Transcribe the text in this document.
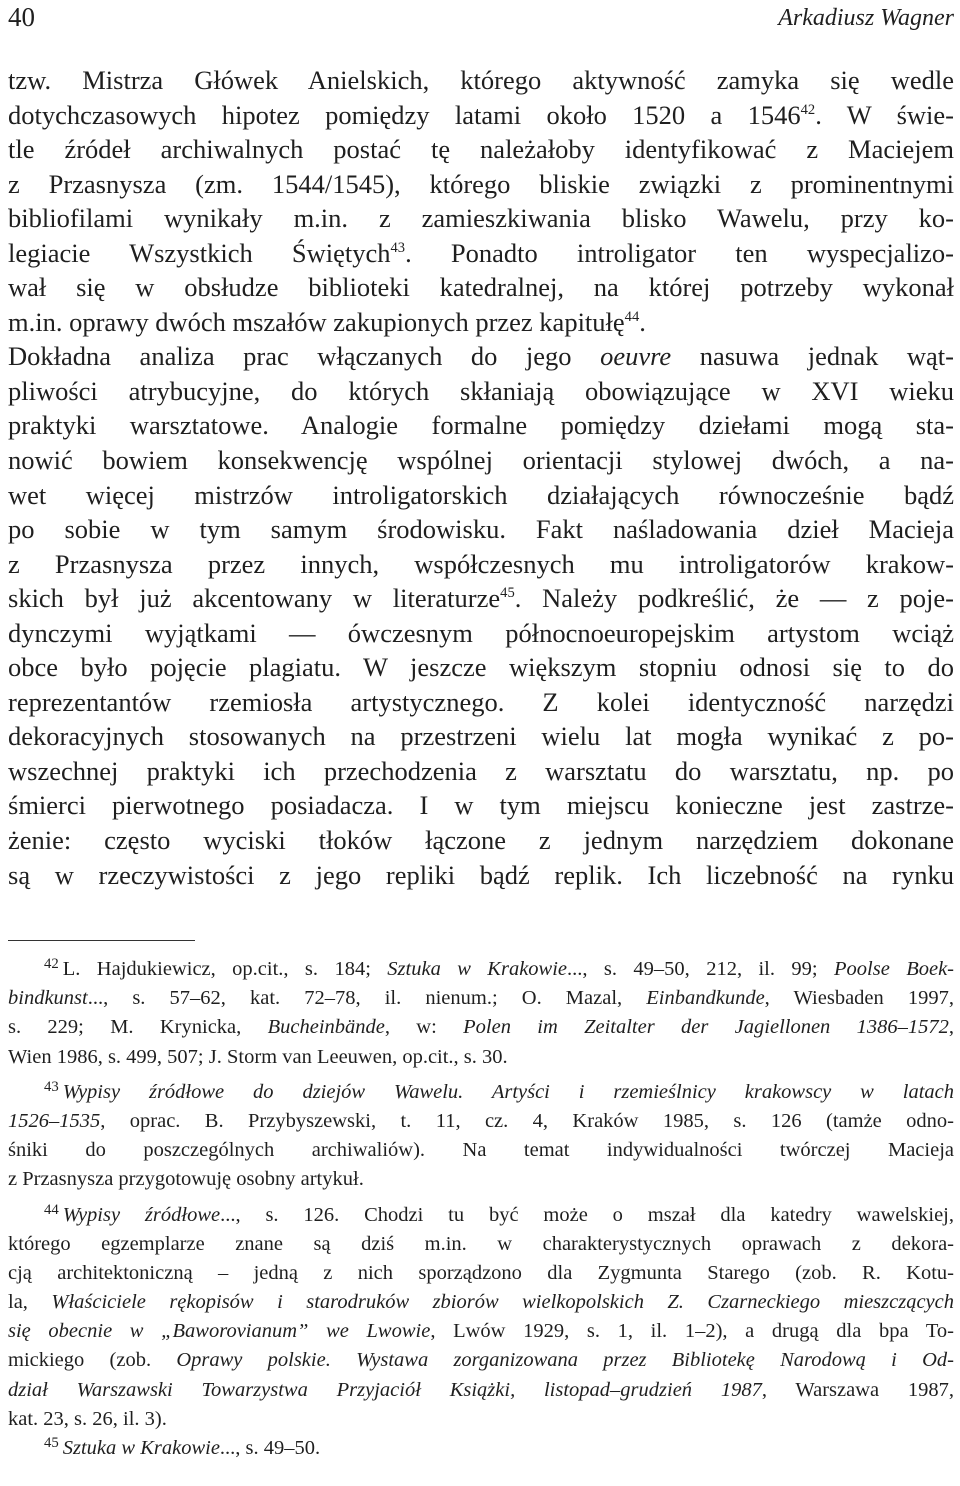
40	Arkadiusz Wagner
tzw. Mistrza Główek Anielskich, którego aktywność zamyka się wedle
dotychczasowych hipotez pomiędzy latami około 1520 a 1546$^{42}$. W świe-
tle źródeł archiwalnych postać tę należałoby identyfikować z Maciejem
z Przasnysza (zm. 1544/1545), którego bliskie związki z prominentnymi
bibliofilami wynikały m.in. z zamieszkiwania blisko Wawelu, przy ko-
legiacie Wszystkich Świętych$^{43}$. Ponadto introligator ten wyspecjalizo-
wał się w obsłudze biblioteki katedralnej, na której potrzeby wykonał
m.in. oprawy dwóch mszałów zakupionych przez kapitułę$^{44}$.
Dokładna analiza prac włączanych do jego oeuvre nasuwa jednak wąt-
pliwości atrybucyjne, do których skłaniają obowiązujące w XVI wieku
praktyki warsztatowe. Analogie formalne pomiędzy dziełami mogą sta-
nowić bowiem konsekwencję wspólnej orientacji stylowej dwóch, a na-
wet więcej mistrzów introligatorskich działających równocześnie bądź
po sobie w tym samym środowisku. Fakt naśladowania dzieł Macieja
z Przasnysza przez innych, współczesnych mu introligatorów krakow-
skich był już akcentowany w literaturze$^{45}$. Należy podkreślić, że — z poje-
dynczymi wyjątkami — ówczesnym północnoeuropejskim artystom wciąż
obce było pojęcie plagiatu. W jeszcze większym stopniu odnosi się to do
reprezentantów rzemiosła artystycznego. Z kolei identyczność narzędzi
dekoracyjnych stosowanych na przestrzeni wielu lat mogła wynikać z po-
wszechnej praktyki ich przechodzenia z warsztatu do warsztatu, np. po
śmierci pierwotnego posiadacza. I w tym miejscu konieczne jest zastrze-
żenie: często wyciski tłoków łączone z jednym narzędziem dokonane
są w rzeczywistości z jego repliki bądź replik. Ich liczebność na rynku
$^{42}$ L. Hajdukiewicz, op.cit., s. 184; Sztuka w Krakowie..., s. 49–50, 212, il. 99; Poolse Boek-
bindkunst..., s. 57–62, kat. 72–78, il. nienum.; O. Mazal, Einbandkunde, Wiesbaden 1997,
s. 229; M. Krynicka, Bucheinbände, w: Polen im Zeitalter der Jagiellonen 1386–1572,
Wien 1986, s. 499, 507; J. Storm van Leeuwen, op.cit., s. 30.
$^{43}$ Wypisy źródłowe do dziejów Wawelu. Artyści i rzemieślnicy krakowscy w latach
1526–1535, oprac. B. Przybyszewski, t. 11, cz. 4, Kraków 1985, s. 126 (tamże odno-
śniki do poszczególnych archiwaliów). Na temat indywidualności twórczej Macieja
z Przasnysza przygotowuję osobny artykuł.
$^{44}$ Wypisy źródłowe..., s. 126. Chodzi tu być może o mszał dla katedry wawelskiej,
którego egzemplarze znane są dziś m.in. w charakterystycznych oprawach z dekora-
cją architektoniczną – jedną z nich sporządzono dla Zygmunta Starego (zob. R. Kotu-
la, Właściciele rękopisów i starodruków zbiorów wielkopolskich Z. Czarneckiego mieszczących
się obecnie w „Baworovianum” we Lwowie, Lwów 1929, s. 1, il. 1–2), a drugą dla bpa To-
mickiego (zob. Oprawy polskie. Wystawa zorganizowana przez Bibliotekę Narodową i Od-
dział Warszawski Towarzystwa Przyjaciół Książki, listopad–grudzień 1987, Warszawa 1987,
kat. 23, s. 26, il. 3).
$^{45}$ Sztuka w Krakowie..., s. 49–50.
